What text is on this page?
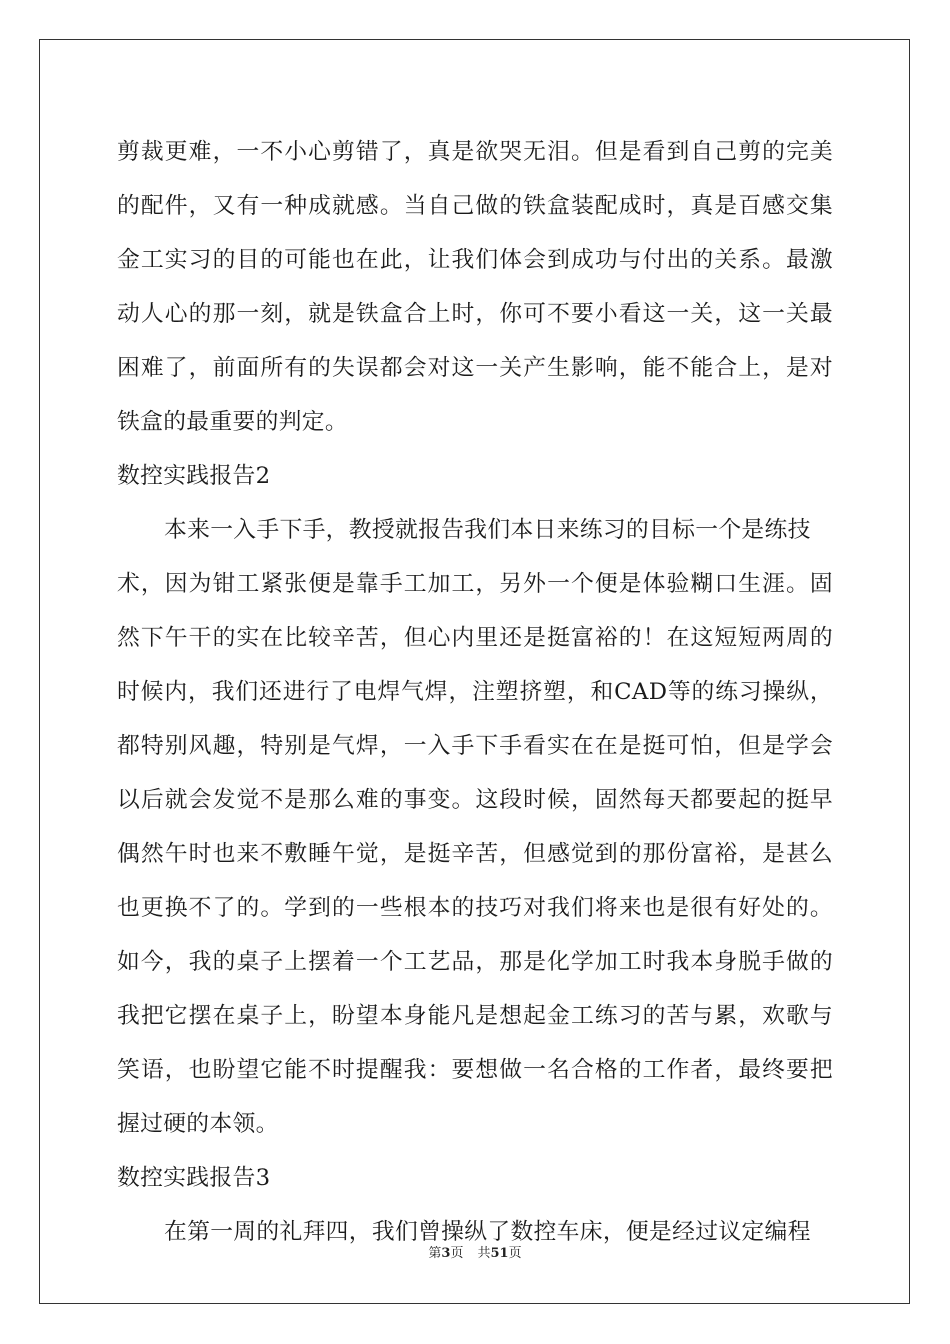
剪裁更难，一不小心剪错了，真是欲哭无泪。但是看到自己剪的完美
的配件，又有一种成就感。当自己做的铁盒装配成时，真是百感交集
金工实习的目的可能也在此，让我们体会到成功与付出的关系。最激
动人心的那一刻，就是铁盒合上时，你可不要小看这一关，这一关最
困难了，前面所有的失误都会对这一关产生影响，能不能合上，是对
铁盒的最重要的判定。
数控实践报告2
本来一入手下手，教授就报告我们本日来练习的目标一个是练技
术，因为钳工紧张便是靠手工加工，另外一个便是体验糊口生涯。固
然下午干的实在比较辛苦，但心内里还是挺富裕的！在这短短两周的
时候内，我们还进行了电焊气焊，注塑挤塑，和CAD等的练习操纵，
都特别风趣，特别是气焊，一入手下手看实在在是挺可怕，但是学会
以后就会发觉不是那么难的事变。这段时候，固然每天都要起的挺早
偶然午时也来不敷睡午觉，是挺辛苦，但感觉到的那份富裕，是甚么
也更换不了的。学到的一些根本的技巧对我们将来也是很有好处的。
如今，我的桌子上摆着一个工艺品，那是化学加工时我本身脱手做的
我把它摆在桌子上，盼望本身能凡是想起金工练习的苦与累，欢歌与
笑语，也盼望它能不时提醒我：要想做一名合格的工作者，最终要把
握过硬的本领。
数控实践报告3
在第一周的礼拜四，我们曾操纵了数控车床，便是经过议定编程
第3页 共51页
